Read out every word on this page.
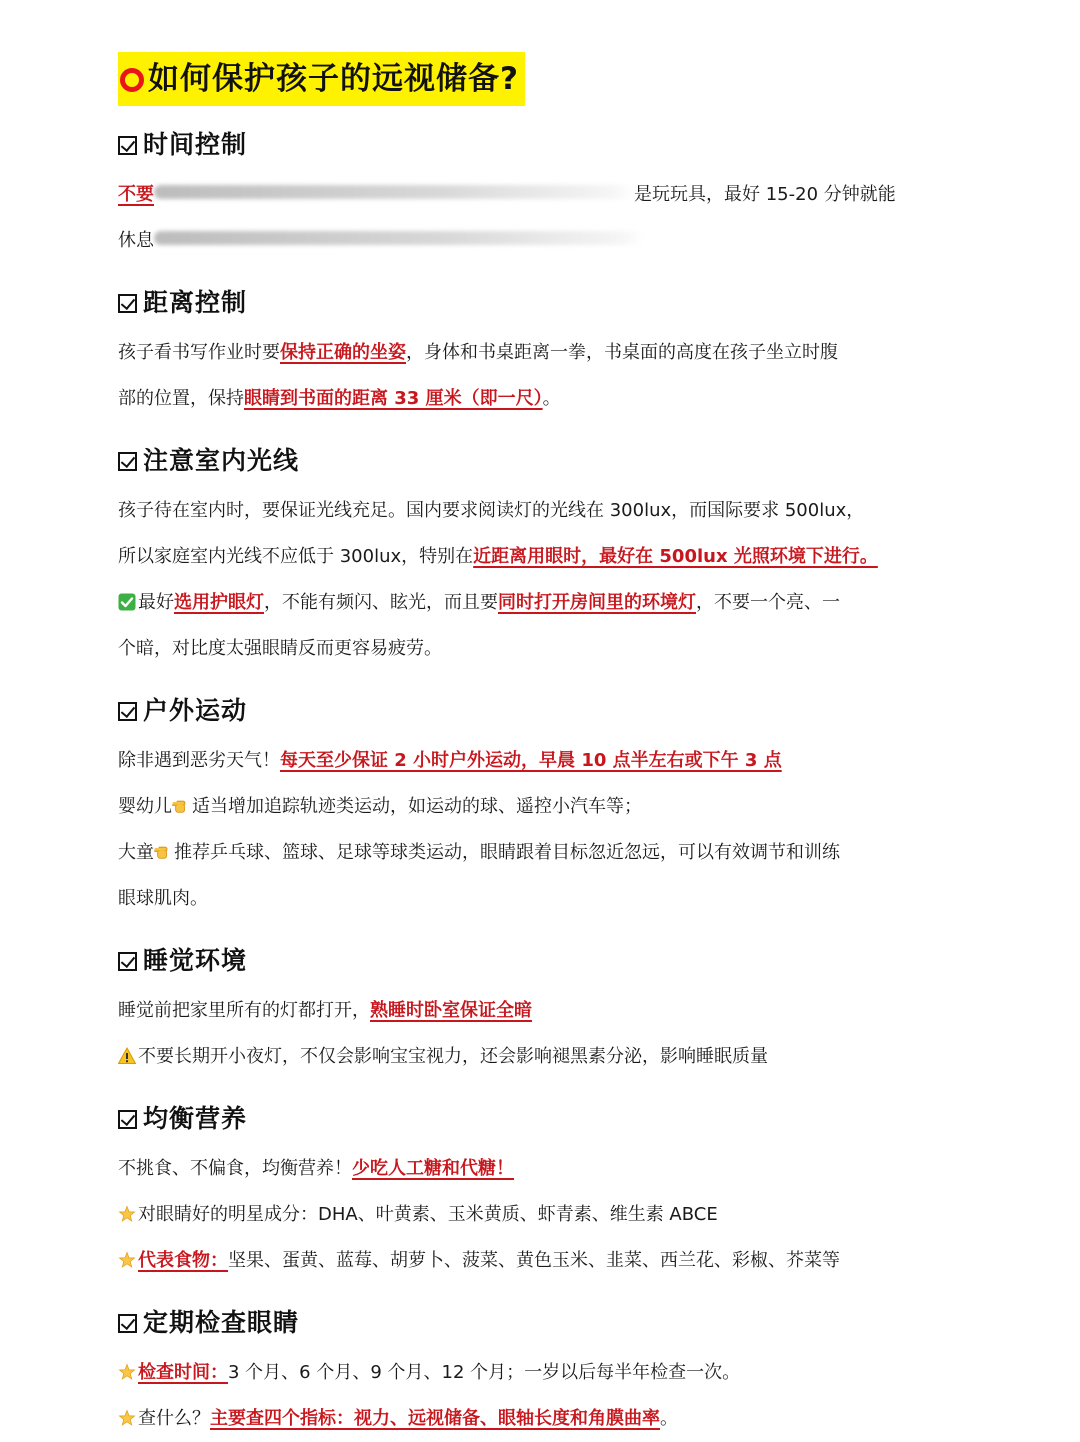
如何保护孩子的远视储备?
时间控制

不要	是玩玩具，最好 15-20 分钟就能

休息

距离控制

孩子看书写作业时要保持正确的坐姿，身体和书桌距离一拳，书桌面的高度在孩子坐立时腹

部的位置，保持眼睛到书面的距离 33 厘米（即一尺）。

注意室内光线

孩子待在室内时，要保证光线充足。国内要求阅读灯的光线在 300lux，而国际要求 500lux，

所以家庭室内光线不应低于 300lux，特别在近距离用眼时，最好在 500lux 光照环境下进行。

最好选用护眼灯，不能有频闪、眩光，而且要同时打开房间里的环境灯，不要一个亮、一

个暗，对比度太强眼睛反而更容易疲劳。

户外运动

除非遇到恶劣天气！每天至少保证 2 小时户外运动，早晨 10 点半左右或下午 3 点

婴幼儿 适当增加追踪轨迹类运动，如运动的球、遥控小汽车等；

大童 推荐乒乓球、篮球、足球等球类运动，眼睛跟着目标忽近忽远，可以有效调节和训练

眼球肌肉。

睡觉环境

睡觉前把家里所有的灯都打开，熟睡时卧室保证全暗

不要长期开小夜灯，不仅会影响宝宝视力，还会影响褪黑素分泌，影响睡眠质量

均衡营养

不挑食、不偏食，均衡营养！少吃人工糖和代糖！

对眼睛好的明星成分：DHA、叶黄素、玉米黄质、虾青素、维生素 ABCE

代表食物：坚果、蛋黄、蓝莓、胡萝卜、菠菜、黄色玉米、韭菜、西兰花、彩椒、芥菜等

定期检查眼睛

检查时间：3 个月、6 个月、9 个月、12 个月；一岁以后每半年检查一次。

查什么？主要查四个指标：视力、远视储备、眼轴长度和角膜曲率。
